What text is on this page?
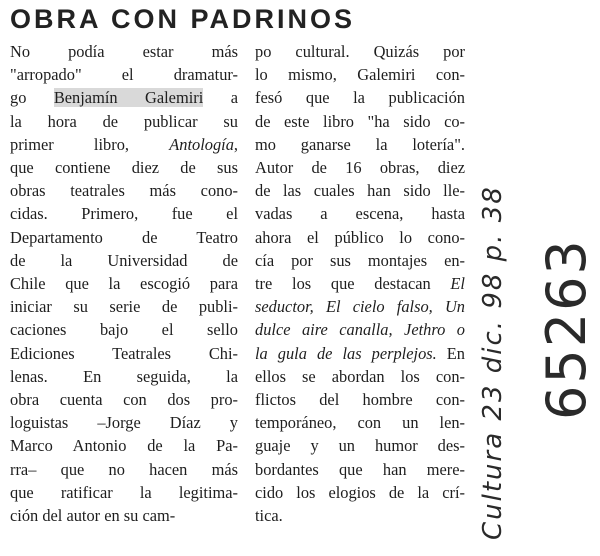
OBRA CON PADRINOS
No podía estar más
"arropado" el dramatur-
go Benjamín Galemiri a
la hora de publicar su
primer libro, Antología,
que contiene diez de sus
obras teatrales más cono-
cidas. Primero, fue el
Departamento de Teatro
de la Universidad de
Chile que la escogió para
iniciar su serie de publi-
caciones bajo el sello
Ediciones Teatrales Chi-
lenas. En seguida, la
obra cuenta con dos pro-
loguistas –Jorge Díaz y
Marco Antonio de la Pa-
rra– que no hacen más
que ratificar la legitima-
ción del autor en su cam-
po cultural. Quizás por
lo mismo, Galemiri con-
fesó que la publicación
de este libro "ha sido co-
mo ganarse la lotería".
Autor de 16 obras, diez
de las cuales han sido lle-
vadas a escena, hasta
ahora el público lo cono-
cía por sus montajes en-
tre los que destacan El
seductor, El cielo falso, Un
dulce aire canalla, Jethro o
la gula de las perplejos. En
ellos se abordan los con-
flictos del hombre con-
temporáneo, con un len-
guaje y un humor des-
bordantes que han mere-
cido los elogios de la crí-
tica.	Cultura 23 dic. 98 p. 38 65263
